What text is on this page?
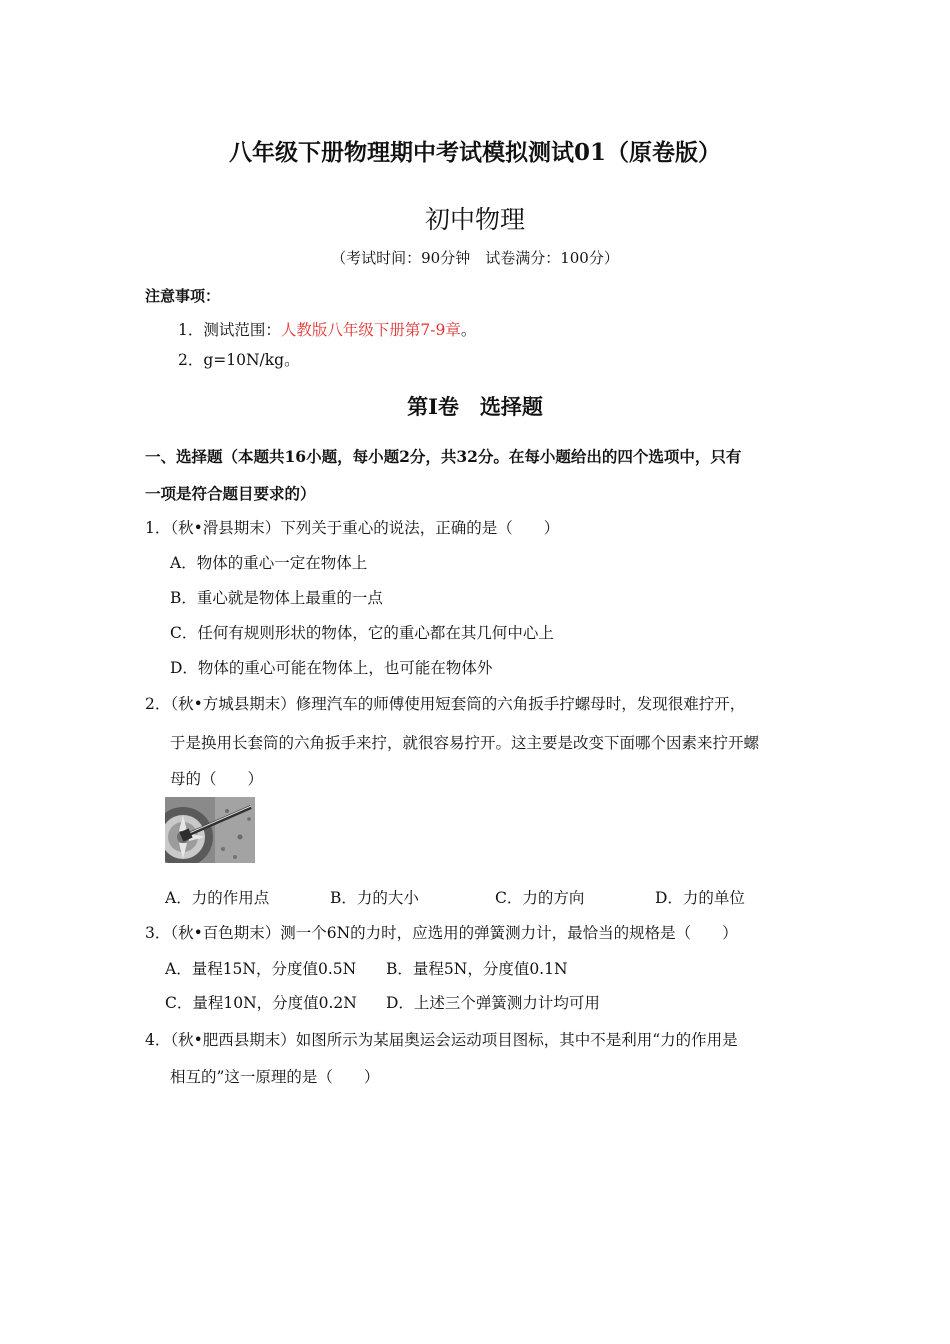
八年级下册物理期中考试模拟测试01（原卷版）
初中物理
（考试时间：90分钟　试卷满分：100分）
注意事项：
1．测试范围：人教版八年级下册第7-9章。
2．g=10N/kg。
第Ⅰ卷　选择题
一、选择题（本题共16小题，每小题2分，共32分。在每小题给出的四个选项中，只有
一项是符合题目要求的）
1．（秋•滑县期末）下列关于重心的说法，正确的是（　　）
A．物体的重心一定在物体上
B．重心就是物体上最重的一点
C．任何有规则形状的物体，它的重心都在其几何中心上
D．物体的重心可能在物体上，也可能在物体外
2．（秋•方城县期末）修理汽车的师傅使用短套筒的六角扳手拧螺母时，发现很难拧开，
于是换用长套筒的六角扳手来拧，就很容易拧开。这主要是改变下面哪个因素来拧开螺
母的（　　）
A．力的作用点	B．力的大小	C．力的方向	D．力的单位
3．（秋•百色期末）测一个6N的力时，应选用的弹簧测力计，最恰当的规格是（　　）
A．量程15N，分度值0.5N B．量程5N，分度值0.1N
C．量程10N，分度值0.2N D．上述三个弹簧测力计均可用
4．（秋•肥西县期末）如图所示为某届奥运会运动项目图标，其中不是利用“力的作用是
相互的”这一原理的是（　　）
